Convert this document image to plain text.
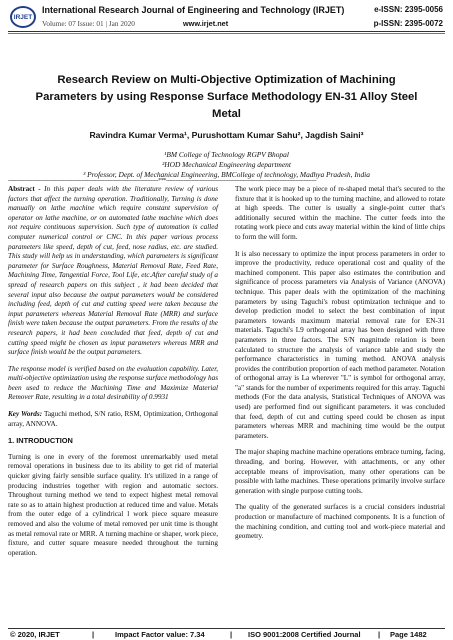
IRJET
International Research Journal of Engineering and Technology (IRJET)
Volume: 07 Issue: 01 | Jan 2020	www.irjet.net
e-ISSN: 2395-0056
p-ISSN: 2395-0072
Research Review on Multi-Objective Optimization of Machining Parameters by using Response Surface Methodology EN-31 Alloy Steel Metal
Ravindra Kumar Verma¹, Purushottam Kumar Sahu², Jagdish Saini³
¹BM College of Technology RGPV Bhopal
²HOD Mechanical Engineering department
³ Professor, Dept. of Mechanical Engineering, BMCollege of technology, Madhya Pradesh, India
----------------------------------------------------------------------------------------------***----------------------------------------------------------------------------------------------

Abstract - In this paper deals with the literature review of various factors that affect the turning operation. Traditionally, Turning is done manually on lathe machine which require constant supervision of operator on lathe machine, or on automated lathe machine which does not require continuous supervision. Such type of automation is called computer numerical control or CNC. In this paper various process parameters like speed, depth of cut, feed, nose radius, etc. are studied. This study will help us in understanding, which parameters is significant parameter for Surface Roughness, Material Removal Rate, Feed Rate, Machining Time, Tangential Force, Tool Life, etc.After careful study of a spread of research papers on this subject , it had been decided that several input also because the output parameters would be considered including feed, depth of cut and cutting speed were taken because the input parameters whereas Material Removal Rate (MRR) and surface finish were taken because the output parameters. From the results of the research papers, it had been concluded that feed, depth of cut and cutting speed might be chosen as input parameters whereas MRR and surface finish would be the output parameters.

The response model is verified based on the evaluation capability. Later, multi-objective optimization using the response surface methodology has been used to reduce the Machining Time and Maximize Material Remover Rate, resulting in a total desirability of 0.9931

Key Words: Taguchi method, S/N ratio, RSM, Optimization, Orthogonal array, ANNOVA.

1. INTRODUCTION

Turning is one in every of the foremost unremarkably used metal removal operations in business due to its ability to get rid of material quicker giving fairly sensible surface quality. It's utilized in a range of producing industries together with region and automatic sectors. Throughout turning method we tend to expect highest metal removal rate so as to attain highest production at reduced time and value. Metals from the outer edge of a cylindrical l work piece square measure removed and also the volume of metal removed per unit time is thought as metal removal rate or MRR. A turning machine or shaper, work piece, fixture, and cutter square measure needed throughout the turning operation.

The work piece may be a piece of re-shaped metal that's secured to the fixture that it is hooked up to the turning machine, and allowed to rotate at high speeds. The cutter is usually a single-point cutter that's additionally secured within the machine. The cutter feeds into the rotating work piece and cuts away material within the kind of little chips to form the will form.

It is also necessary to optimize the input process parameters in order to improve the productivity, reduce operational cost and quality of the machined component. This paper also estimates the contribution and significance of process parameters via Analysis of Variance (ANOVA) technique. This paper deals with the optimization of the machining parameters by using Taguchi's robust optimization technique and to develop prediction model to select the best combination of input parameters towards maximum material removal rate for EN-31 materials. Taguchi's L9 orthogonal array has been designed with three parameters in three factors. The S/N magnitude relation is been calculated to structure the analysis of variance table and study the performance characteristics in turning method. ANOVA analysis provides the contribution proportion of each method parameter. Notation of orthogonal array is La wherever "L" is symbol for orthogonal array, "a" stands for the number of experiments required for this array. Taguchi methods (For the data analysis, Statistical Techniques of ANOVA was used) are performed find out significant parameters. it was concluded that feed, depth of cut and cutting speed could be chosen as input parameters whereas MRR and machining time would be the output parameters.

The major shaping machine machine operations embrace turning, facing, threading, and boring. However, with attachments, or any other acceptable means of improvisation, many other operations can be possible with lathe machines. These operations primarily involve surface generation with single purpose cutting tools.

The quality of the generated surfaces is a crucial considers industrial production or manufacture of machined components. It is a function of the machining condition, and cutting tool and work-piece material and geometry.

© 2020, IRJET	|	Impact Factor value: 7.34	| ISO 9001:2008 Certified Journal | Page 1482
